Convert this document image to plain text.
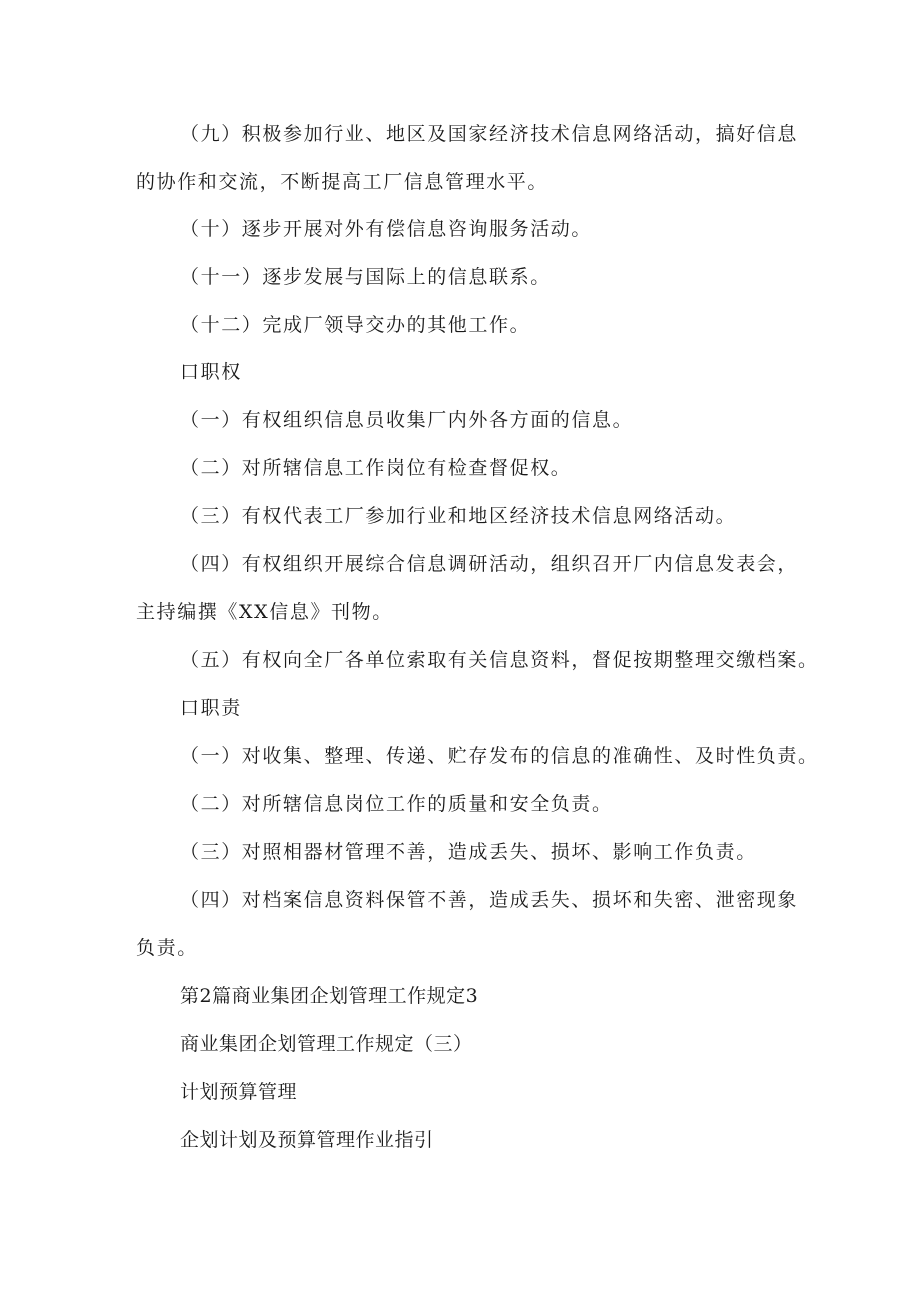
（九）积极参加行业、地区及国家经济技术信息网络活动，搞好信息
的协作和交流，不断提高工厂信息管理水平。
（十）逐步开展对外有偿信息咨询服务活动。
（十一）逐步发展与国际上的信息联系。
（十二）完成厂领导交办的其他工作。
口职权
（一）有权组织信息员收集厂内外各方面的信息。
（二）对所辖信息工作岗位有检查督促权。
（三）有权代表工厂参加行业和地区经济技术信息网络活动。
（四）有权组织开展综合信息调研活动，组织召开厂内信息发表会，
主持编撰《XX信息》刊物。
（五）有权向全厂各单位索取有关信息资料，督促按期整理交缴档案。
口职责
（一）对收集、整理、传递、贮存发布的信息的准确性、及时性负责。
（二）对所辖信息岗位工作的质量和安全负责。
（三）对照相器材管理不善，造成丢失、损坏、影响工作负责。
（四）对档案信息资料保管不善，造成丢失、损坏和失密、泄密现象
负责。
第2篇商业集团企划管理工作规定3
商业集团企划管理工作规定（三）
计划预算管理
企划计划及预算管理作业指引
